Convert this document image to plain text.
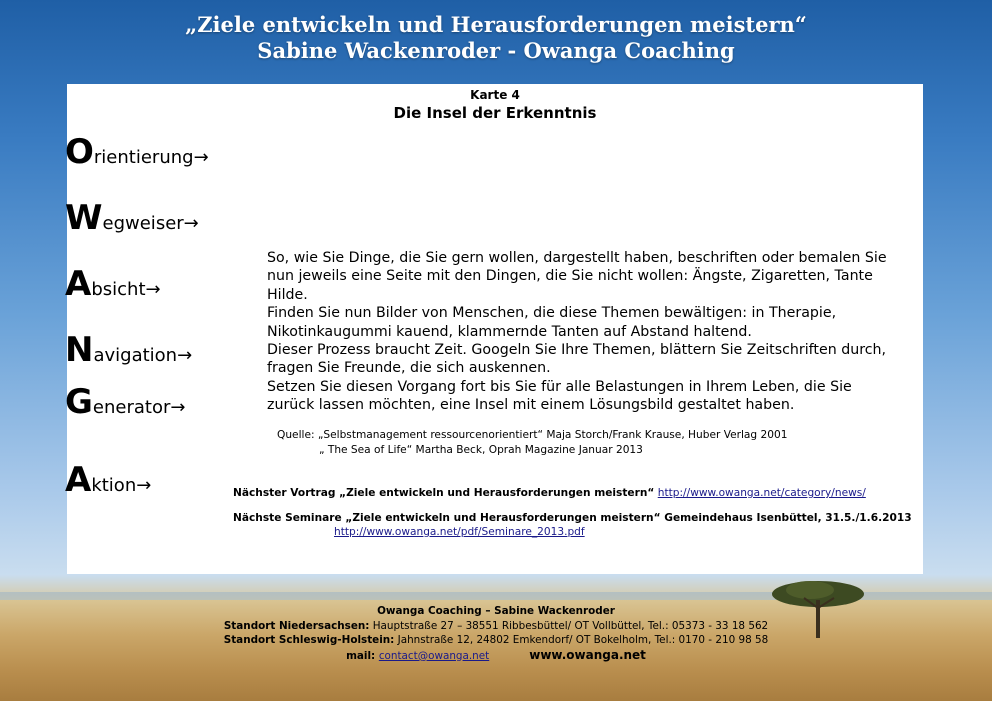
„Ziele entwickeln und Herausforderungen meistern“
Sabine Wackenroder - Owanga Coaching
Karte 4
Die Insel der Erkenntnis
Orientierung→
Wegweiser→
Absicht→
Navigation→
Generator→
Aktion→

So, wie Sie Dinge, die Sie gern wollen, dargestellt haben, beschriften oder bemalen Sie nun jeweils eine Seite mit den Dingen, die Sie nicht wollen: Ängste, Zigaretten, Tante Hilde.

Finden Sie nun Bilder von Menschen, die diese Themen bewältigen: in Therapie, Nikotinkaugummi kauend, klammernde Tanten auf Abstand haltend.

Dieser Prozess braucht Zeit. Googeln Sie Ihre Themen, blättern Sie Zeitschriften durch, fragen Sie Freunde, die sich auskennen.

Setzen Sie diesen Vorgang fort bis Sie für alle Belastungen in Ihrem Leben, die Sie zurück lassen möchten, eine Insel mit einem Lösungsbild gestaltet haben.

Quelle: „Selbstmanagement ressourcenorientiert“ Maja Storch/Frank Krause, Huber Verlag 2001
„ The Sea of Life“ Martha Beck, Oprah Magazine Januar 2013
Nächster Vortrag „Ziele entwickeln und Herausforderungen meistern“ http://www.owanga.net/category/news/
Nächste Seminare „Ziele entwickeln und Herausforderungen meistern“ Gemeindehaus Isenbüttel, 31.5./1.6.2013
http://www.owanga.net/pdf/Seminare_2013.pdf
Owanga Coaching – Sabine Wackenroder
Standort Niedersachsen: Hauptstraße 27 – 38551 Ribbesbüttel/ OT Vollbüttel, Tel.: 05373 - 33 18 562
Standort Schleswig-Holstein: Jahnstraße 12, 24802 Emkendorf/ OT Bokelholm, Tel.: 0170 - 210 98 58
mail: contact@owanga.net	www.owanga.net
